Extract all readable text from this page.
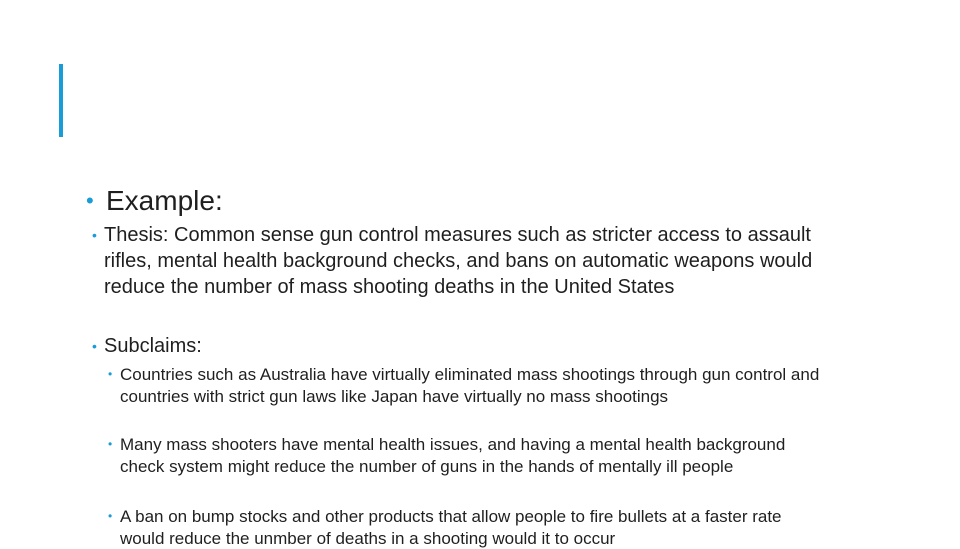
• Example:
• Thesis: Common sense gun control measures such as stricter access to assault rifles, mental health background checks, and bans on automatic weapons would reduce the number of mass shooting deaths in the United States
• Subclaims:
• Countries such as Australia have virtually eliminated mass shootings through gun control and countries with strict gun laws like Japan have virtually no mass shootings
• Many mass shooters have mental health issues, and having a mental health background check system might reduce the number of guns in the hands of mentally ill people
• A ban on bump stocks and other products that allow people to fire bullets at a faster rate would reduce the unmber of deaths in a shooting would it to occur
